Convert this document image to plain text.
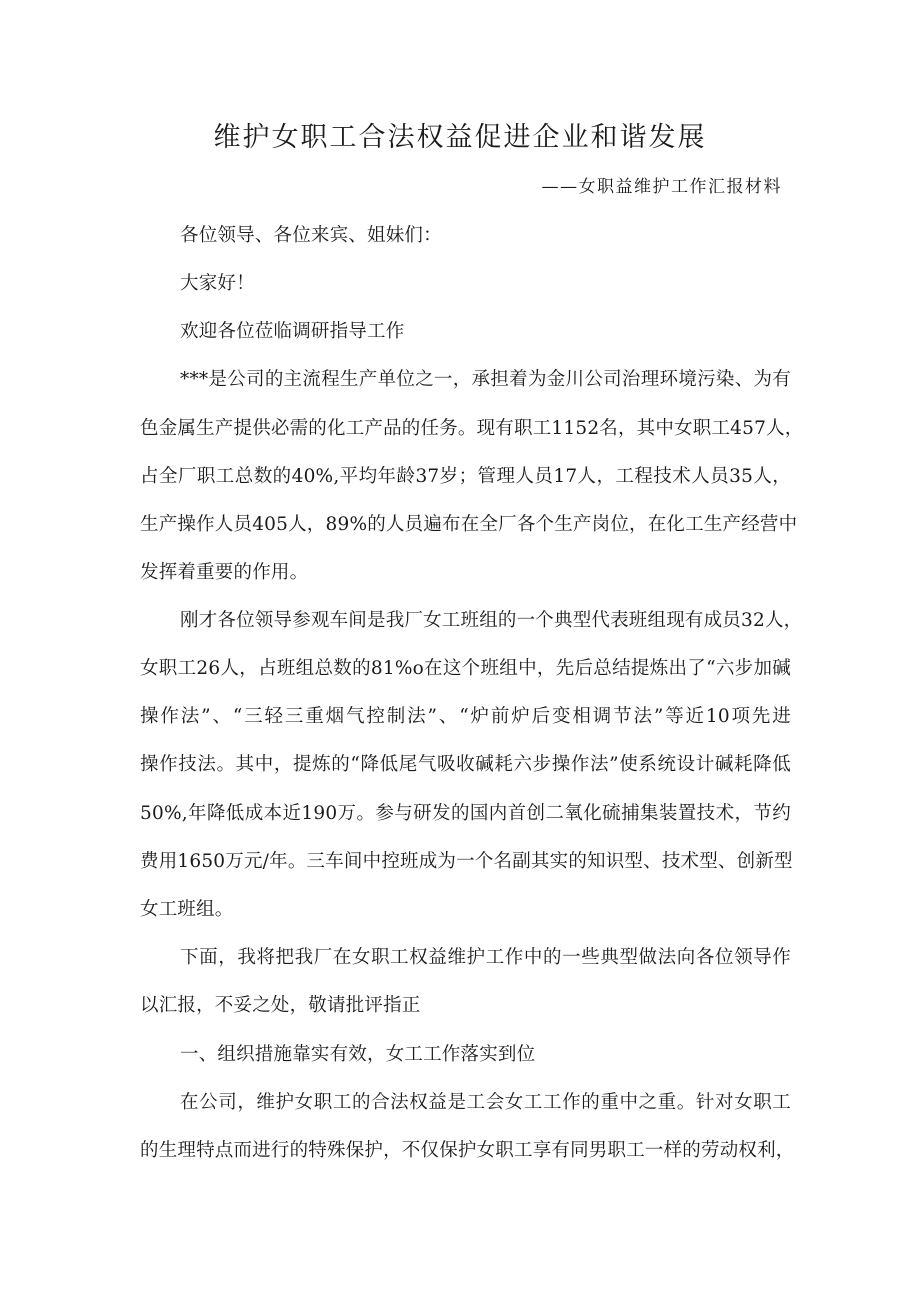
维护女职工合法权益促进企业和谐发展
——女职益维护工作汇报材料
各位领导、各位来宾、姐妹们：
大家好！
欢迎各位莅临调研指导工作
***是公司的主流程生产单位之一，承担着为金川公司治理环境污染、为有
色金属生产提供必需的化工产品的任务。现有职工1152名，其中女职工457人，
占全厂职工总数的40%,平均年龄37岁；管理人员17人，工程技术人员35人，
生产操作人员405人，89%的人员遍布在全厂各个生产岗位，在化工生产经营中
发挥着重要的作用。
刚才各位领导参观车间是我厂女工班组的一个典型代表班组现有成员32人，
女职工26人，占班组总数的81%o在这个班组中，先后总结提炼出了“六步加碱
操作法”、“三轻三重烟气控制法”、“炉前炉后变相调节法”等近10项先进
操作技法。其中，提炼的“降低尾气吸收碱耗六步操作法”使系统设计碱耗降低
50%,年降低成本近190万。参与研发的国内首创二氧化硫捕集装置技术，节约
费用1650万元/年。三车间中控班成为一个名副其实的知识型、技术型、创新型
女工班组。
下面，我将把我厂在女职工权益维护工作中的一些典型做法向各位领导作
以汇报，不妥之处，敬请批评指正
一、组织措施靠实有效，女工工作落实到位
在公司，维护女职工的合法权益是工会女工工作的重中之重。针对女职工
的生理特点而进行的特殊保护，不仅保护女职工享有同男职工一样的劳动权利，
